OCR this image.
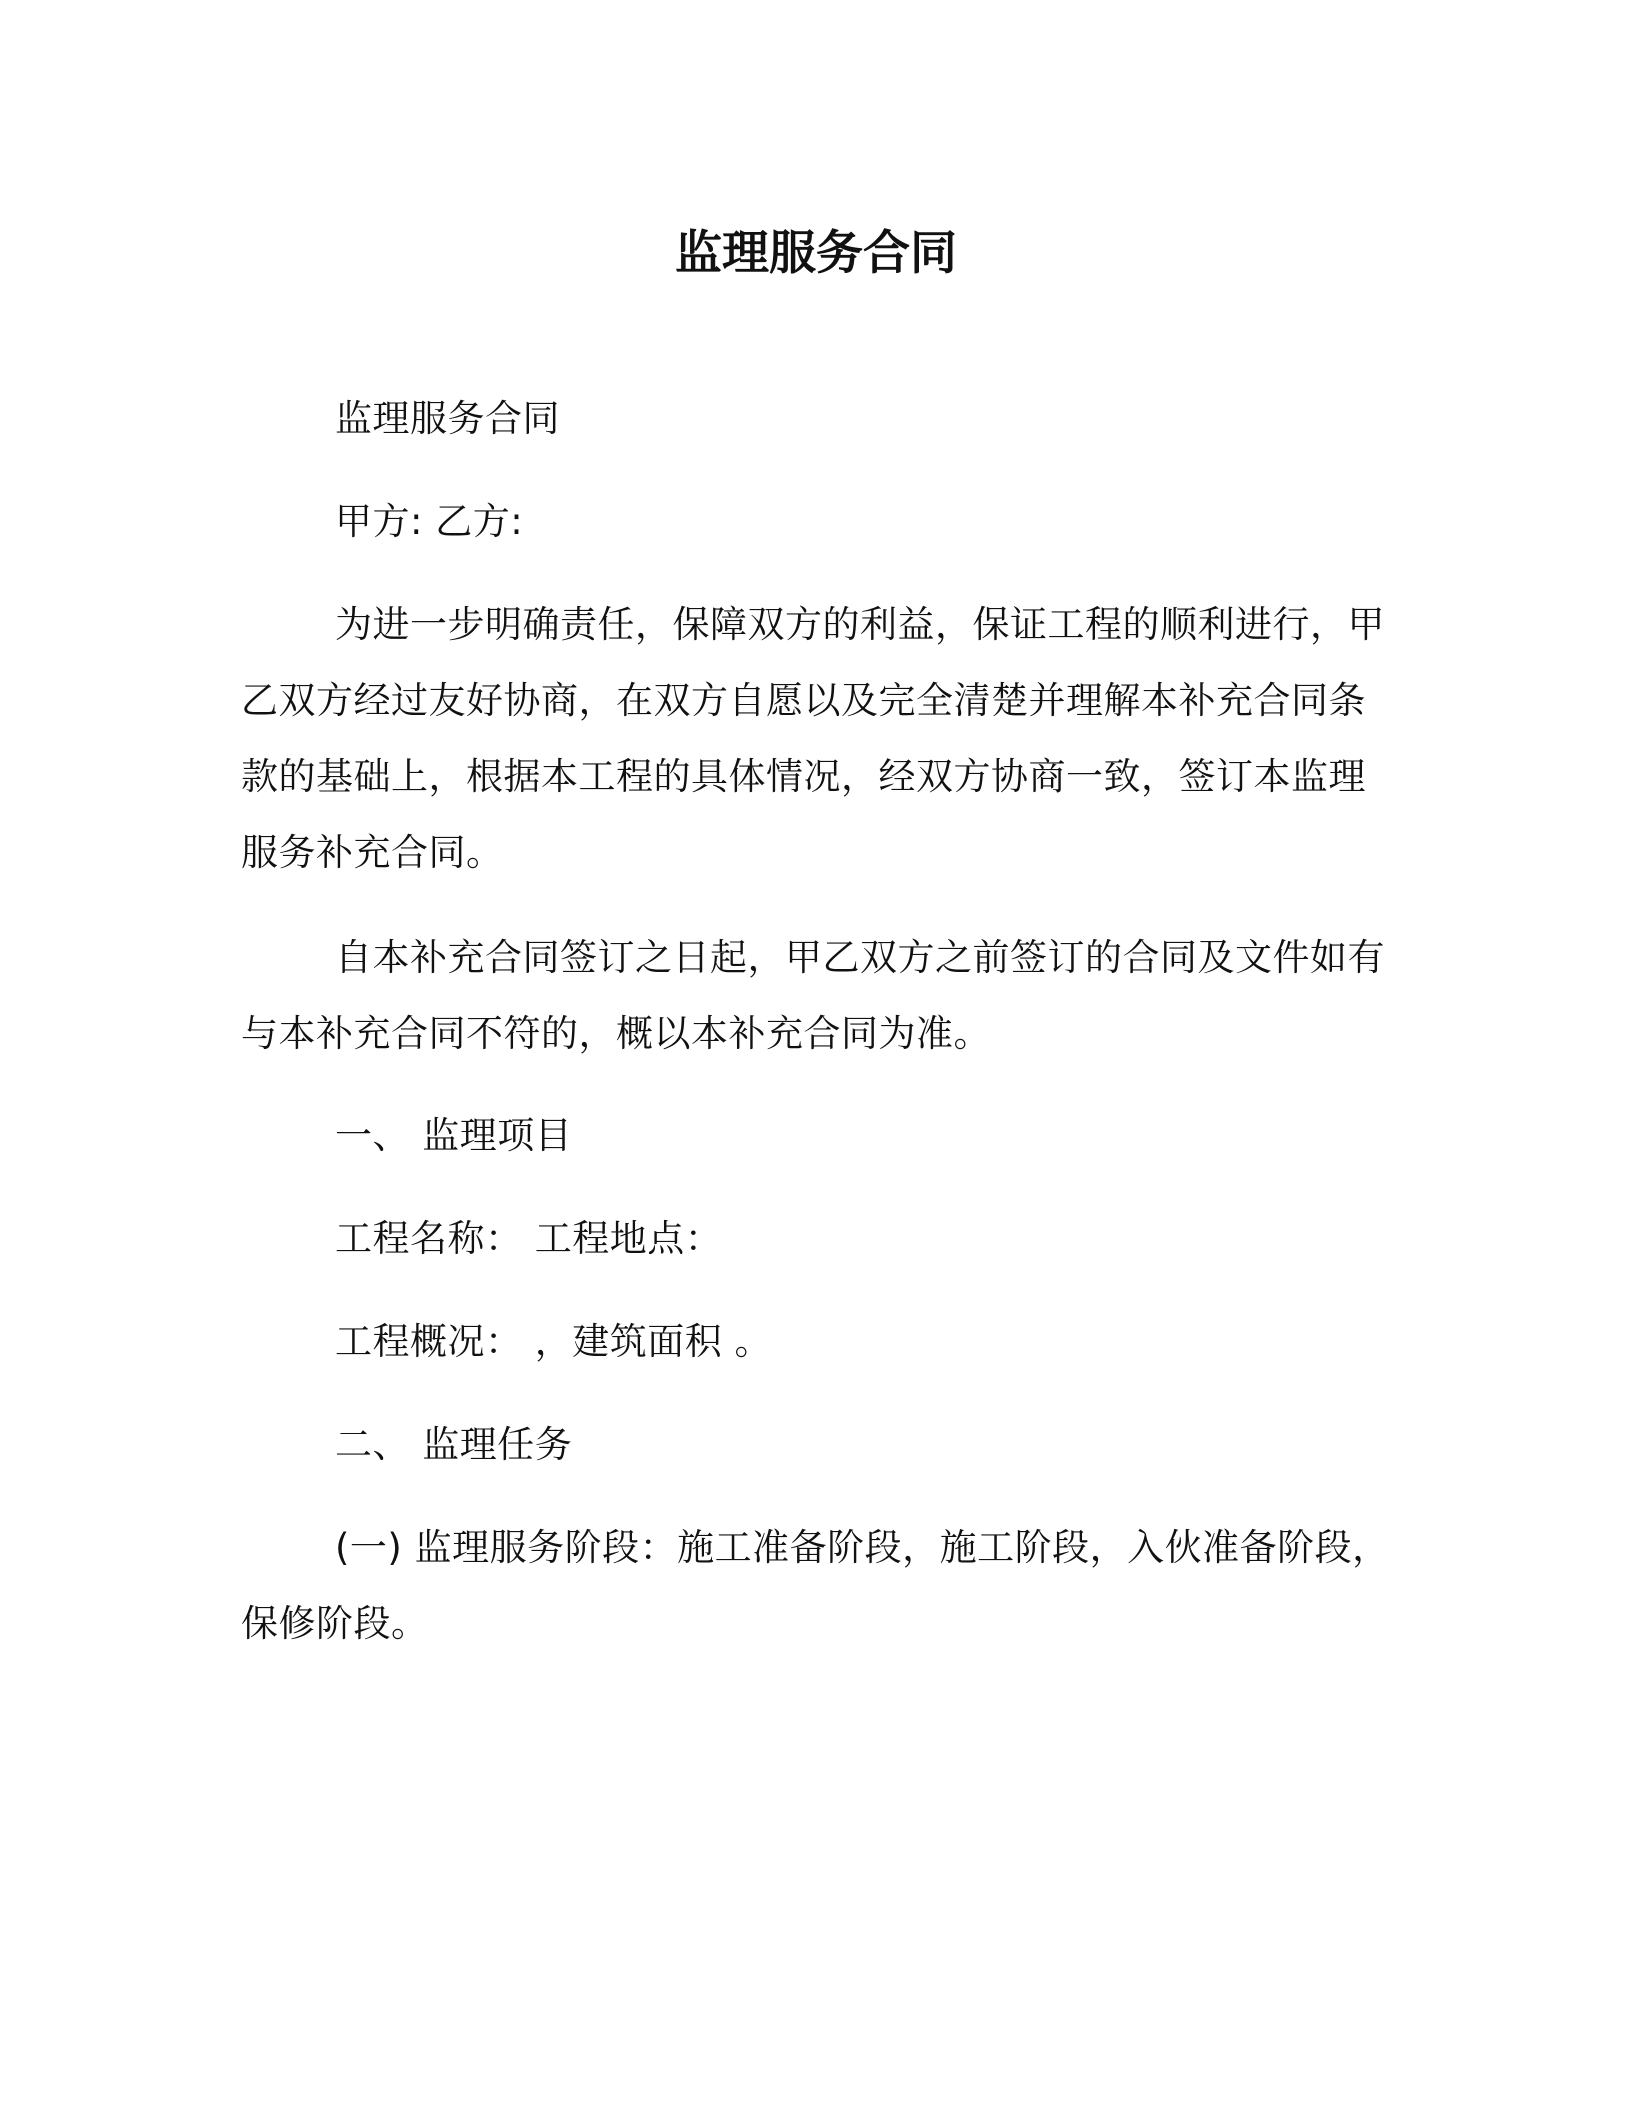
监理服务合同
监理服务合同
甲方: 乙方:
为进一步明确责任，保障双方的利益，保证工程的顺利进行，甲
乙双方经过友好协商，在双方自愿以及完全清楚并理解本补充合同条
款的基础上，根据本工程的具体情况，经双方协商一致，签订本监理
服务补充合同。
自本补充合同签订之日起，甲乙双方之前签订的合同及文件如有
与本补充合同不符的，概以本补充合同为准。
一、 监理项目
工程名称： 工程地点：
工程概况： ，建筑面积 。
二、 监理任务
(一) 监理服务阶段：施工准备阶段，施工阶段，入伙准备阶段，
保修阶段。
